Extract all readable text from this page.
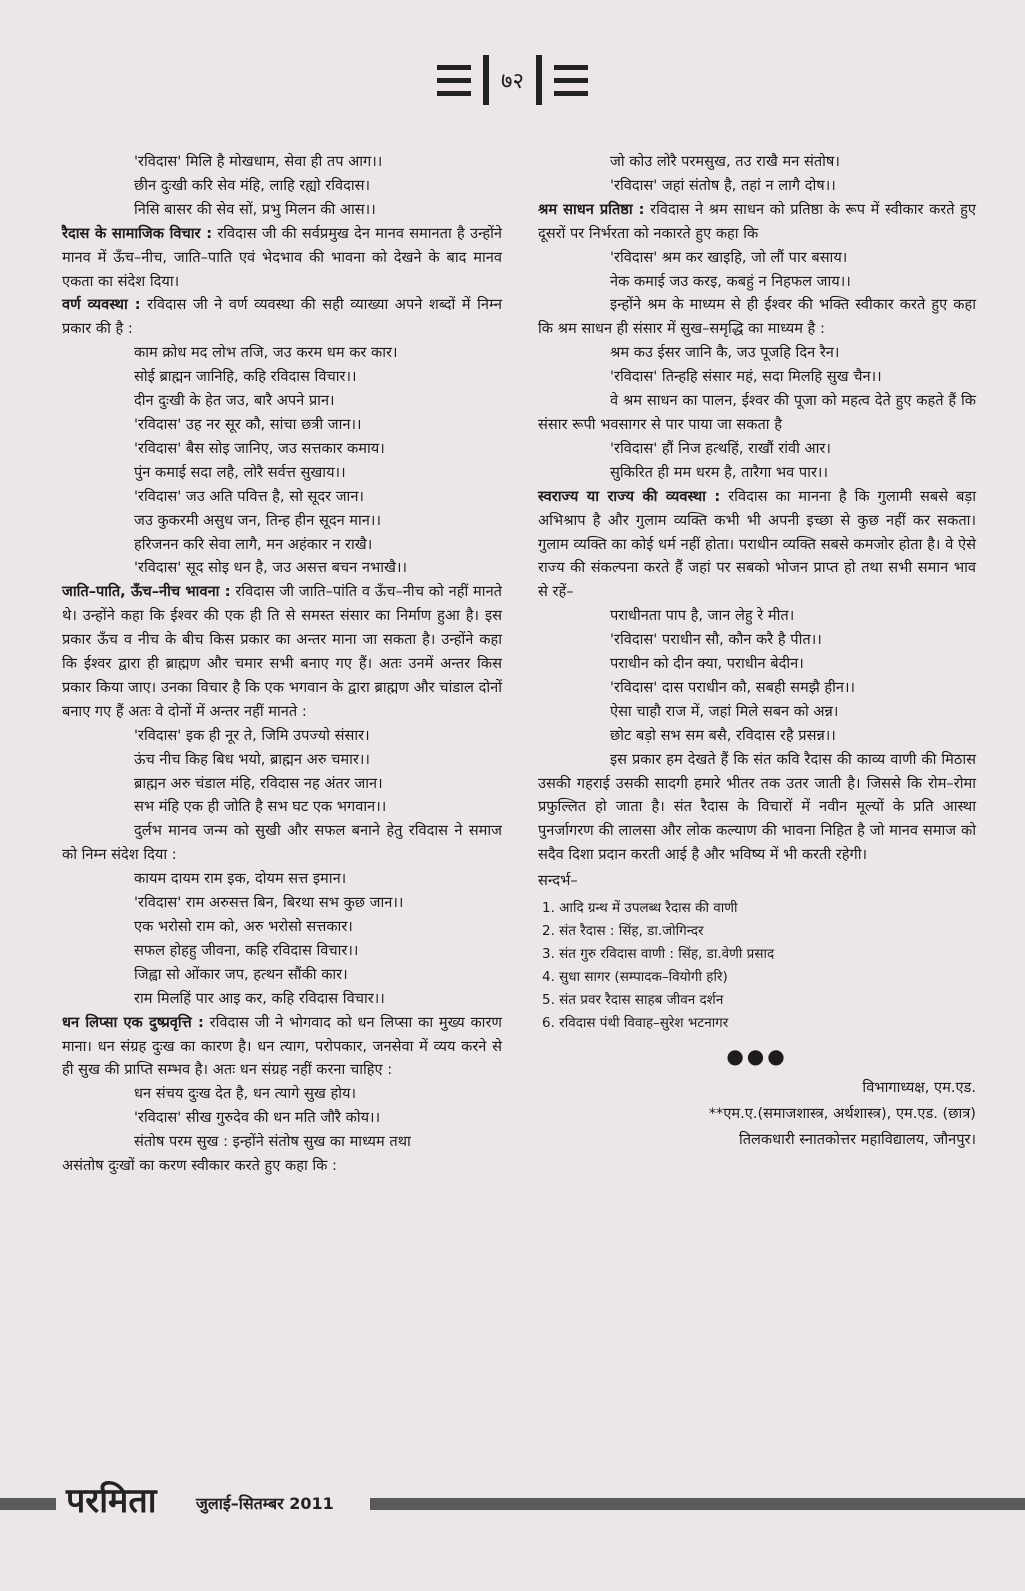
७२
'रविदास' मिलि है मोखधाम, सेवा ही तप आग।।
छीन दुःखी करि सेव मंहि, लाहि रह्यो रविदास।
निसि बासर की सेव सों, प्रभु मिलन की आस।।

रैदास के सामाजिक विचार : रविदास जी की सर्वप्रमुख देन मानव समानता है उन्होंने मानव में ऊँच–नीच, जाति–पाति एवं भेदभाव की भावना को देखने के बाद मानव एकता का संदेश दिया।

वर्ण व्यवस्था : रविदास जी ने वर्ण व्यवस्था की सही व्याख्या अपने शब्दों में निम्न प्रकार की है :

काम क्रोध मद लोभ तजि, जउ करम धम कर कार।
सोई ब्राह्मन जानिहि, कहि रविदास विचार।।
दीन दुःखी के हेत जउ, बारै अपने प्रान।
'रविदास' उह नर सूर कौ, सांचा छत्री जान।।
'रविदास' बैस सोइ जानिए, जउ सत्तकार कमाय।
पुंन कमाई सदा लहै, लोरै सर्वत्त सुखाय।।
'रविदास' जउ अति पवित्त है, सो सूदर जान।
जउ कुकरमी असुध जन, तिन्ह हीन सूदन मान।।
हरिजनन करि सेवा लागै, मन अहंकार न राखै।
'रविदास' सूद सोइ धन है, जउ असत्त बचन नभाखै।।

जाति–पाति, ऊँच–नीच भावना : रविदास जी जाति–पांति व ऊँच–नीच को नहीं मानते थे। उन्होंने कहा कि ईश्वर की एक ही ति से समस्त संसार का निर्माण हुआ है। इस प्रकार ऊँच व नीच के बीच किस प्रकार का अन्तर माना जा सकता है। उन्होंने कहा कि ईश्वर द्वारा ही ब्राह्मण और चमार सभी बनाए गए हैं। अतः उनमें अन्तर किस प्रकार किया जाए। उनका विचार है कि एक भगवान के द्वारा ब्राह्मण और चांडाल दोनों बनाए गए हैं अतः वे दोनों में अन्तर नहीं मानते :

'रविदास' इक ही नूर ते, जिमि उपज्यो संसार।
ऊंच नीच किह बिध भयो, ब्राह्मन अरु चमार।।
ब्राह्मन अरु चंडाल मंहि, रविदास नह अंतर जान।
सभ मंहि एक ही जोति है सभ घट एक भगवान।।

दुर्लभ मानव जन्म को सुखी और सफल बनाने हेतु रविदास ने समाज को निम्न संदेश दिया :

कायम दायम राम इक, दोयम सत्त इमान।
'रविदास' राम अरुसत्त बिन, बिरथा सभ कुछ जान।।
एक भरोसो राम को, अरु भरोसो सत्तकार।
सफल होहहु जीवना, कहि रविदास विचार।।
जिह्वा सो ओंकार जप, हत्थन सौंकी कार।
राम मिलहिं पार आइ कर, कहि रविदास विचार।।

धन लिप्सा एक दुष्प्रवृत्ति : रविदास जी ने भोगवाद को धन लिप्सा का मुख्य कारण माना। धन संग्रह दुःख का कारण है। धन त्याग, परोपकार, जनसेवा में व्यय करने से ही सुख की प्राप्ति सम्भव है। अतः धन संग्रह नहीं करना चाहिए :

धन संचय दुःख देत है, धन त्यागे सुख होय।
'रविदास' सीख गुरुदेव की धन मति जौरै कोय।।
संतोष परम सुख : इन्होंने संतोष सुख का माध्यम तथा

असंतोष दुःखों का करण स्वीकार करते हुए कहा कि :

जो कोउ लोरै परमसुख, तउ राखै मन संतोष।
'रविदास' जहां संतोष है, तहां न लागै दोष।।

श्रम साधन प्रतिष्ठा : रविदास ने श्रम साधन को प्रतिष्ठा के रूप में स्वीकार करते हुए दूसरों पर निर्भरता को नकारते हुए कहा कि

'रविदास' श्रम कर खाइहि, जो लौं पार बसाय।
नेक कमाई जउ करइ, कबहुं न निहफल जाय।।

इन्होंने श्रम के माध्यम से ही ईश्वर की भक्ति स्वीकार करते हुए कहा कि श्रम साधन ही संसार में सुख–समृद्धि का माध्यम है :

श्रम कउ ईसर जानि कै, जउ पूजहि दिन रैन।
'रविदास' तिन्हहि संसार महं, सदा मिलहि सुख चैन।।

वे श्रम साधन का पालन, ईश्वर की पूजा को महत्व देते हुए कहते हैं कि संसार रूपी भवसागर से पार पाया जा सकता है

'रविदास' हौं निज हत्थहिं, राखौं रांवी आर।
सुकिरित ही मम धरम है, तारैगा भव पार।।

स्वराज्य या राज्य की व्यवस्था : रविदास का मानना है कि गुलामी सबसे बड़ा अभिश्राप है और गुलाम व्यक्ति कभी भी अपनी इच्छा से कुछ नहीं कर सकता। गुलाम व्यक्ति का कोई धर्म नहीं होता। पराधीन व्यक्ति सबसे कमजोर होता है। वे ऐसे राज्य की संकल्पना करते हैं जहां पर सबको भोजन प्राप्त हो तथा सभी समान भाव से रहें–

पराधीनता पाप है, जान लेहु रे मीत।
'रविदास' पराधीन सौ, कौन करै है पीत।।
पराधीन को दीन क्या, पराधीन बेदीन।
'रविदास' दास पराधीन कौ, सबही समझै हीन।।
ऐसा चाहौ राज में, जहां मिले सबन को अन्न।
छोट बड़ो सभ सम बसै, रविदास रहै प्रसन्न।।

इस प्रकार हम देखते हैं कि संत कवि रैदास की काव्य वाणी की मिठास उसकी गहराई उसकी सादगी हमारे भीतर तक उतर जाती है। जिससे कि रोम–रोमा प्रफुल्लित हो जाता है। संत रैदास के विचारों में नवीन मूल्यों के प्रति आस्था पुनर्जागरण की लालसा और लोक कल्याण की भावना निहित है जो मानव समाज को सदैव दिशा प्रदान करती आई है और भविष्य में भी करती रहेगी।

सन्दर्भ–
1. आदि ग्रन्थ में उपलब्ध रैदास की वाणी
2. संत रैदास : सिंह, डा.जोगिन्दर
3. संत गुरु रविदास वाणी : सिंह, डा.वेणी प्रसाद
4. सुधा सागर (सम्पादक–वियोगी हरि)
5. संत प्रवर रैदास साहब जीवन दर्शन
6. रविदास पंथी विवाह–सुरेश भटनागर
●●●
विभागाध्यक्ष, एम.एड.
**एम.ए.(समाजशास्त्र, अर्थशास्त्र), एम.एड. (छात्र)
तिलकधारी स्नातकोत्तर महाविद्यालय, जौनपुर।
परमिता जुलाई–सितम्बर 2011
